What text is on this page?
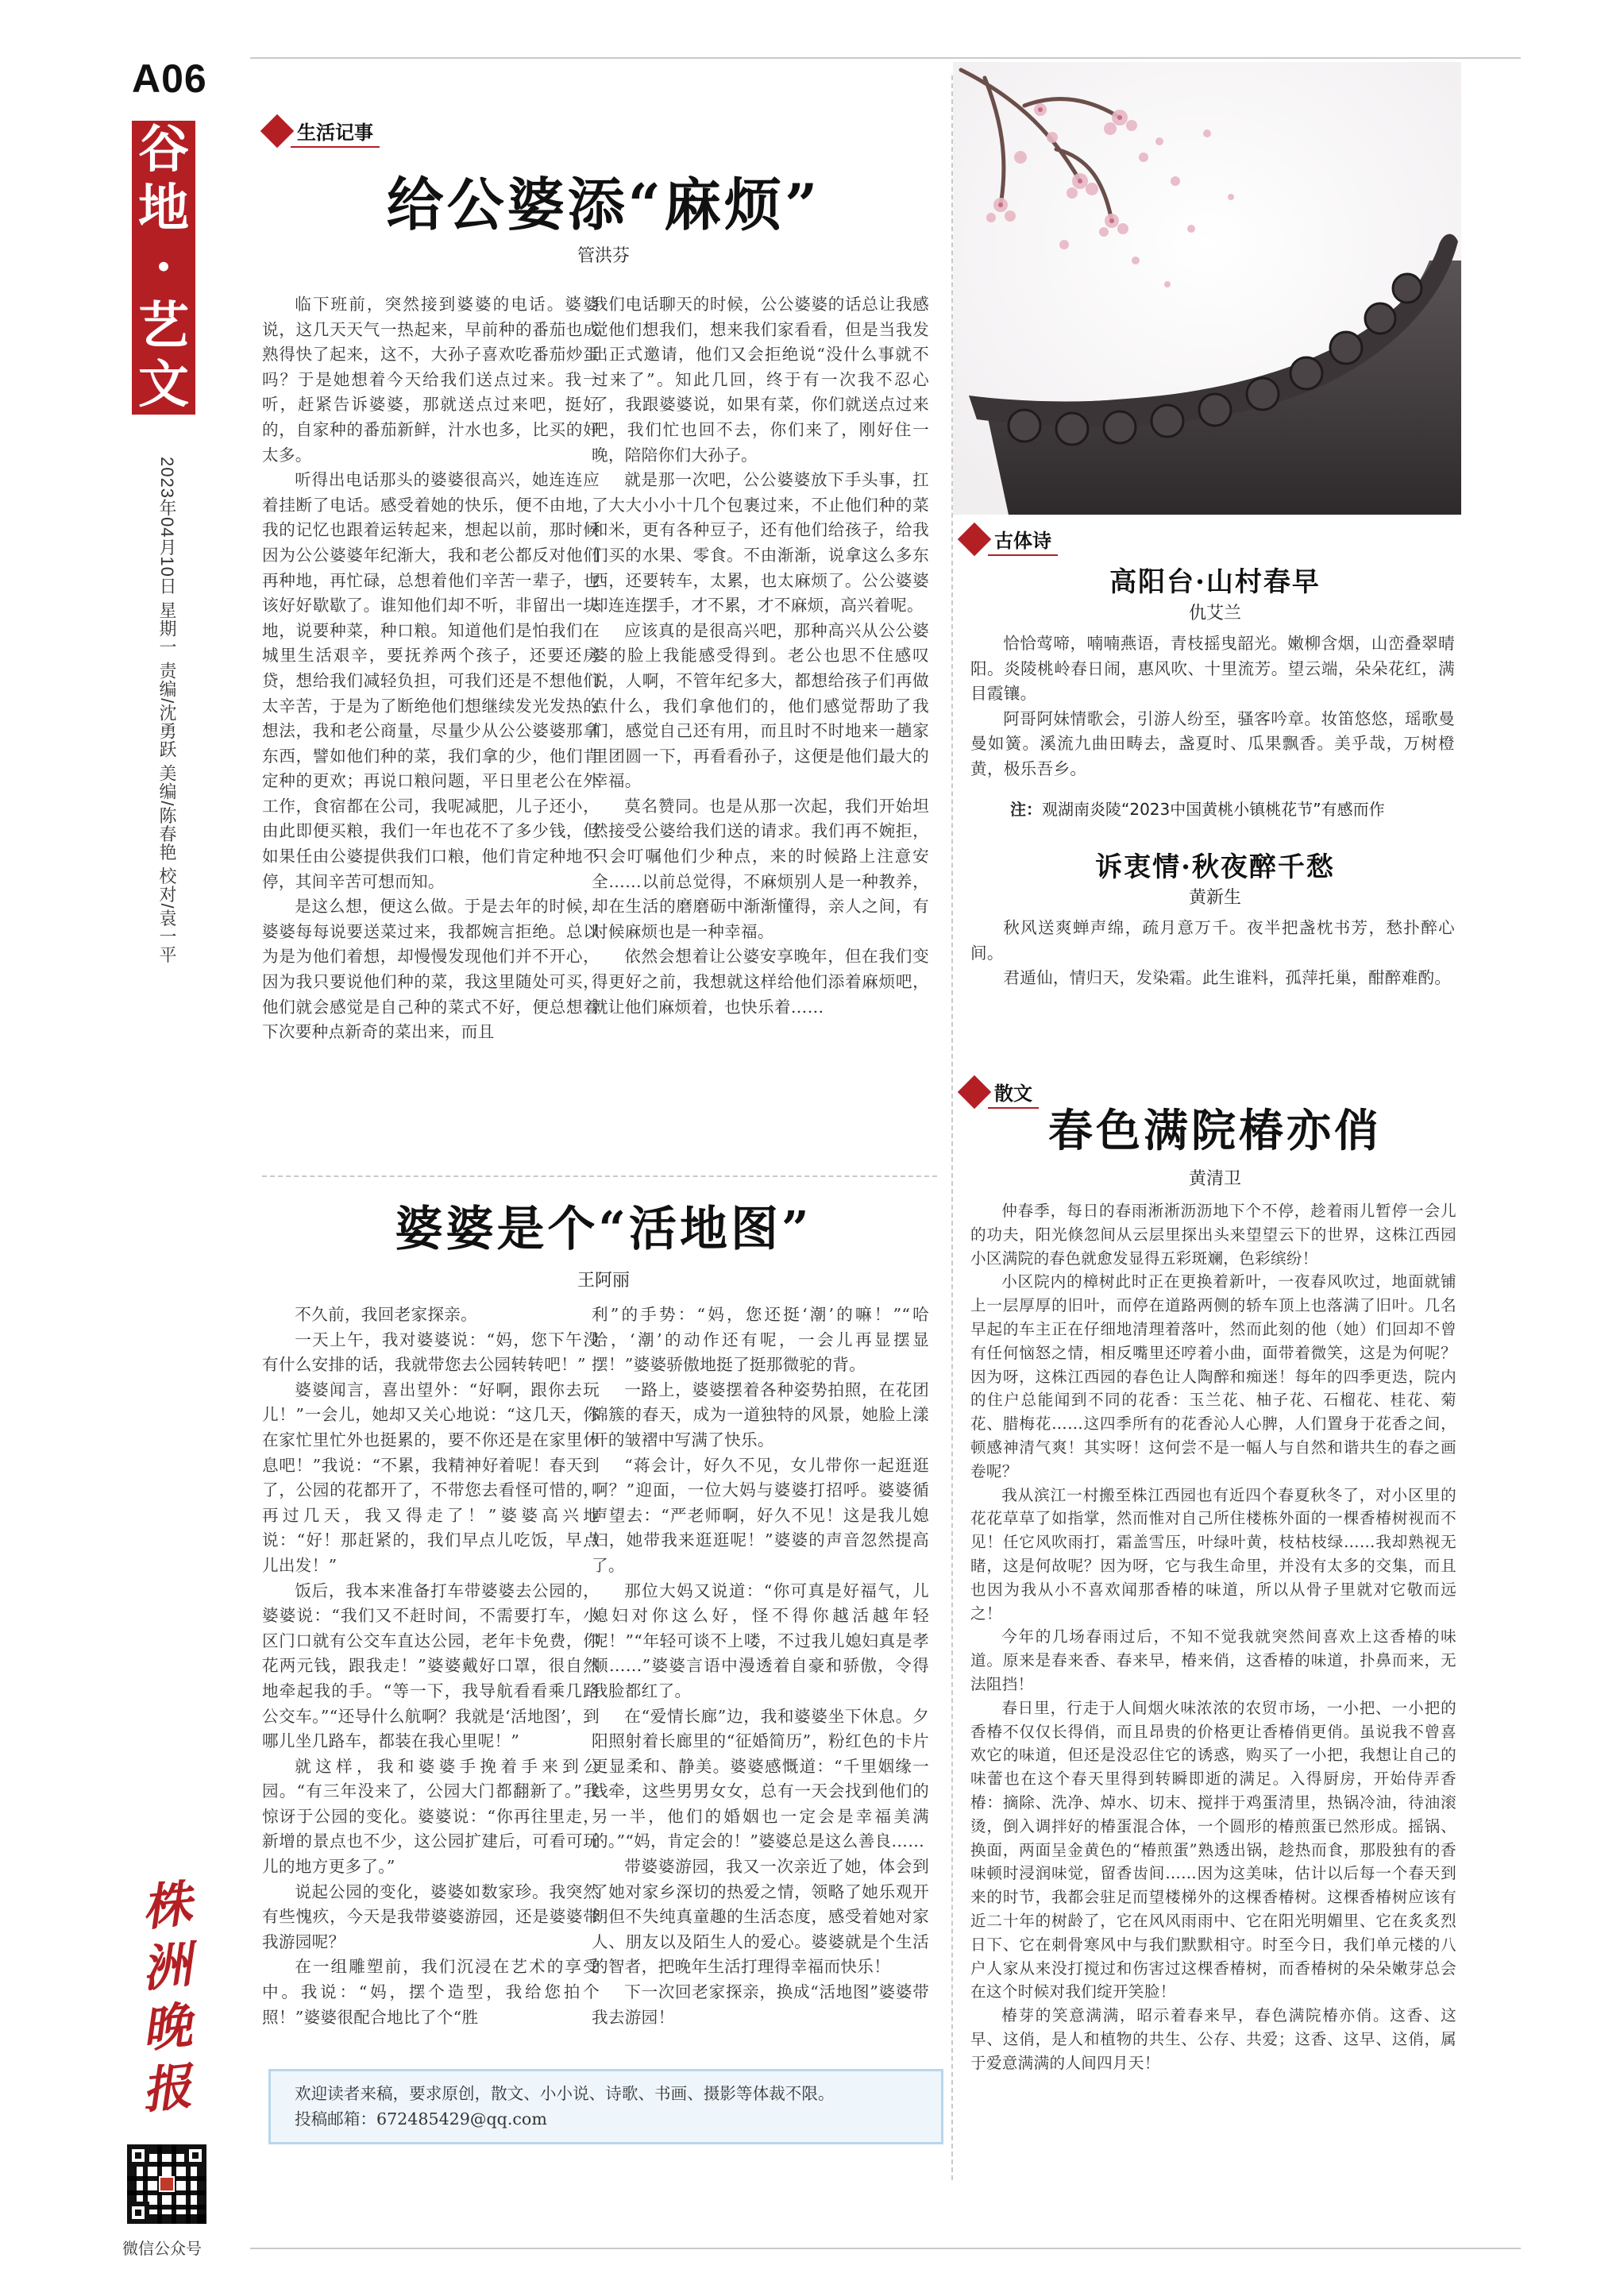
A06
谷
地
·
艺
文
2023年04月10日 星期一 责编/沈勇跃 美编/陈春艳 校对/袁一平
株
洲
晚
报
微信公众号
生活记事
古体诗
散文
给公婆添“麻烦”
管洪芬

临下班前，突然接到婆婆的电话。婆婆说，这几天天气一热起来，早前种的番茄也成熟得快了起来，这不，大孙子喜欢吃番茄炒蛋吗？于是她想着今天给我们送点过来。我一听，赶紧告诉婆婆，那就送点过来吧，挺好的，自家种的番茄新鲜，汁水也多，比买的好太多。

听得出电话那头的婆婆很高兴，她连连应着挂断了电话。感受着她的快乐，便不由地，我的记忆也跟着运转起来，想起以前，那时候因为公公婆婆年纪渐大，我和老公都反对他们再种地，再忙碌，总想着他们辛苦一辈子，也该好好歇歇了。谁知他们却不听，非留出一块地，说要种菜，种口粮。知道他们是怕我们在城里生活艰辛，要抚养两个孩子，还要还房贷，想给我们减轻负担，可我们还是不想他们太辛苦，于是为了断绝他们想继续发光发热的想法，我和老公商量，尽量少从公公婆婆那拿东西，譬如他们种的菜，我们拿的少，他们肯定种的更欢；再说口粮问题，平日里老公在外工作，食宿都在公司，我呢减肥，儿子还小，由此即便买粮，我们一年也花不了多少钱，但如果任由公婆提供我们口粮，他们肯定种地不停，其间辛苦可想而知。

是这么想，便这么做。于是去年的时候，婆婆每每说要送菜过来，我都婉言拒绝。总以为是为他们着想，却慢慢发现他们并不开心，因为我只要说他们种的菜，我这里随处可买，他们就会感觉是自己种的菜式不好，便总想着下次要种点新奇的菜出来，而且

我们电话聊天的时候，公公婆婆的话总让我感觉他们想我们，想来我们家看看，但是当我发出正式邀请，他们又会拒绝说“没什么事就不过来了”。知此几回，终于有一次我不忍心了，我跟婆婆说，如果有菜，你们就送点过来吧，我们忙也回不去，你们来了，刚好住一晚，陪陪你们大孙子。

就是那一次吧，公公婆婆放下手头事，扛了大大小小十几个包裹过来，不止他们种的菜和米，更有各种豆子，还有他们给孩子，给我们买的水果、零食。不由渐渐，说拿这么多东西，还要转车，太累，也太麻烦了。公公婆婆却连连摆手，才不累，才不麻烦，高兴着呢。

应该真的是很高兴吧，那种高兴从公公婆婆的脸上我能感受得到。老公也思不住感叹说，人啊，不管年纪多大，都想给孩子们再做点什么，我们拿他们的，他们感觉帮助了我们，感觉自己还有用，而且时不时地来一趟家里团圆一下，再看看孙子，这便是他们最大的幸福。

莫名赞同。也是从那一次起，我们开始坦然接受公婆给我们送的请求。我们再不婉拒，只会叮嘱他们少种点，来的时候路上注意安全……以前总觉得，不麻烦别人是一种教养，却在生活的磨磨砺中渐渐懂得，亲人之间，有时候麻烦也是一种幸福。

依然会想着让公婆安享晚年，但在我们变得更好之前，我想就这样给他们添着麻烦吧，就让他们麻烦着，也快乐着……

婆婆是个“活地图”
王阿丽

不久前，我回老家探亲。

一天上午，我对婆婆说：“妈，您下午没有什么安排的话，我就带您去公园转转吧！”

婆婆闻言，喜出望外：“好啊，跟你去玩儿！”一会儿，她却又关心地说：“这几天，你在家忙里忙外也挺累的，要不你还是在家里休息吧！”我说：“不累，我精神好着呢！春天到了，公园的花都开了，不带您去看怪可惜的，再过几天，我又得走了！”婆婆高兴地说：“好！那赶紧的，我们早点儿吃饭，早点儿出发！”

饭后，我本来准备打车带婆婆去公园的，婆婆说：“我们又不赶时间，不需要打车，小区门口就有公交车直达公园，老年卡免费，你花两元钱，跟我走！”婆婆戴好口罩，很自然地牵起我的手。“等一下，我导航看看乘几路公交车。”“还导什么航啊？我就是‘活地图’，到哪儿坐几路车，都装在我心里呢！”

就这样，我和婆婆手挽着手来到公园。“有三年没来了，公园大门都翻新了。”我惊讶于公园的变化。婆婆说：“你再往里走，新增的景点也不少，这公园扩建后，可看可玩儿的地方更多了。”

说起公园的变化，婆婆如数家珍。我突然有些愧疚，今天是我带婆婆游园，还是婆婆带我游园呢？

在一组雕塑前，我们沉浸在艺术的享受中。我说：“妈，摆个造型，我给您拍个照！”婆婆很配合地比了个“胜

利”的手势：“妈，您还挺‘潮’的嘛！”“哈哈，‘潮’的动作还有呢，一会儿再显摆显摆！”婆婆骄傲地挺了挺那微驼的背。

一路上，婆婆摆着各种姿势拍照，在花团锦簇的春天，成为一道独特的风景，她脸上漾开的皱褶中写满了快乐。

“蒋会计，好久不见，女儿带你一起逛逛啊？”迎面，一位大妈与婆婆打招呼。婆婆循声望去：“严老师啊，好久不见！这是我儿媳妇，她带我来逛逛呢！”婆婆的声音忽然提高了。

那位大妈又说道：“你可真是好福气，儿媳妇对你这么好，怪不得你越活越年轻呢！”“年轻可谈不上喽，不过我儿媳妇真是孝顺……”婆婆言语中漫透着自豪和骄傲，令得我脸都红了。

在“爱情长廊”边，我和婆婆坐下休息。夕阳照射着长廊里的“征婚简历”，粉红色的卡片更显柔和、静美。婆婆感慨道：“千里姻缘一线牵，这些男男女女，总有一天会找到他们的另一半，他们的婚姻也一定会是幸福美满的。”“妈，肯定会的！”婆婆总是这么善良……

带婆婆游园，我又一次亲近了她，体会到了她对家乡深切的热爱之情，领略了她乐观开朗但不失纯真童趣的生活态度，感受着她对家人、朋友以及陌生人的爱心。婆婆就是个生活的智者，把晚年生活打理得幸福而快乐！

下一次回老家探亲，换成“活地图”婆婆带我去游园！

欢迎读者来稿，要求原创，散文、小小说、诗歌、书画、摄影等体裁不限。
投稿邮箱：672485429@qq.com
高阳台·山村春早
仇艾兰

恰恰莺啼，喃喃燕语，青枝摇曳韶光。嫩柳含烟，山峦叠翠晴阳。炎陵桃岭春日闹，惠风吹、十里流芳。望云端，朵朵花红，满目霞镶。

阿哥阿妹情歌会，引游人纷至，骚客吟章。妆笛悠悠，瑶歌曼曼如簧。溪流九曲田畴去，盏夏时、瓜果飘香。美乎哉，万树橙黄，极乐吾乡。

注：观湖南炎陵“2023中国黄桃小镇桃花节”有感而作
诉衷情·秋夜醉千愁
黄新生

秋风送爽蝉声绵，疏月意万千。夜半把盏枕书芳，愁扑醉心间。

君遁仙，情归天，发染霜。此生谁料，孤萍托巢，酣醉难酌。

春色满院椿亦俏
黄清卫

仲春季，每日的春雨淅淅沥沥地下个不停，趁着雨儿暂停一会儿的功夫，阳光倏忽间从云层里探出头来望望云下的世界，这株江西园小区满院的春色就愈发显得五彩斑斓，色彩缤纷！

小区院内的樟树此时正在更换着新叶，一夜春风吹过，地面就铺上一层厚厚的旧叶，而停在道路两侧的轿车顶上也落满了旧叶。几名早起的车主正在仔细地清理着落叶，然而此刻的他（她）们回却不曾有任何恼怒之情，相反嘴里还哼着小曲，面带着微笑，这是为何呢？因为呀，这株江西园的春色让人陶醉和痴迷！每年的四季更迭，院内的住户总能闻到不同的花香：玉兰花、柚子花、石榴花、桂花、菊花、腊梅花……这四季所有的花香沁人心脾，人们置身于花香之间，顿感神清气爽！其实呀！这何尝不是一幅人与自然和谐共生的春之画卷呢？

我从滨江一村搬至株江西园也有近四个春夏秋冬了，对小区里的花花草草了如指掌，然而惟对自己所住楼栋外面的一棵香椿树视而不见！任它风吹雨打，霜盖雪压，叶绿叶黄，枝枯枝绿……我却熟视无睹，这是何故呢？因为呀，它与我生命里，并没有太多的交集，而且也因为我从小不喜欢闻那香椿的味道，所以从骨子里就对它敬而远之！

今年的几场春雨过后，不知不觉我就突然间喜欢上这香椿的味道。原来是春来香、春来早，椿来俏，这香椿的味道，扑鼻而来，无法阻挡！

春日里，行走于人间烟火味浓浓的农贸市场，一小把、一小把的香椿不仅仅长得俏，而且昂贵的价格更让香椿俏更俏。虽说我不曾喜欢它的味道，但还是没忍住它的诱惑，购买了一小把，我想让自己的味蕾也在这个春天里得到转瞬即逝的满足。入得厨房，开始侍弄香椿：摘除、洗净、焯水、切末、搅拌于鸡蛋清里，热锅冷油，待油滚烫，倒入调拌好的椿蛋混合体，一个圆形的椿煎蛋已然形成。摇锅、换面，两面呈金黄色的“椿煎蛋”熟透出锅，趁热而食，那股独有的香味顿时浸润味觉，留香齿间……因为这美味，估计以后每一个春天到来的时节，我都会驻足而望楼梯外的这棵香椿树。这棵香椿树应该有近二十年的树龄了，它在风风雨雨中、它在阳光明媚里、它在炙炙烈日下、它在刺骨寒风中与我们默默相守。时至今日，我们单元楼的八户人家从来没打搅过和伤害过这棵香椿树，而香椿树的朵朵嫩芽总会在这个时候对我们绽开笑脸！

椿芽的笑意满满，昭示着春来早，春色满院椿亦俏。这香、这早、这俏，是人和植物的共生、公存、共爱；这香、这早、这俏，属于爱意满满的人间四月天！
